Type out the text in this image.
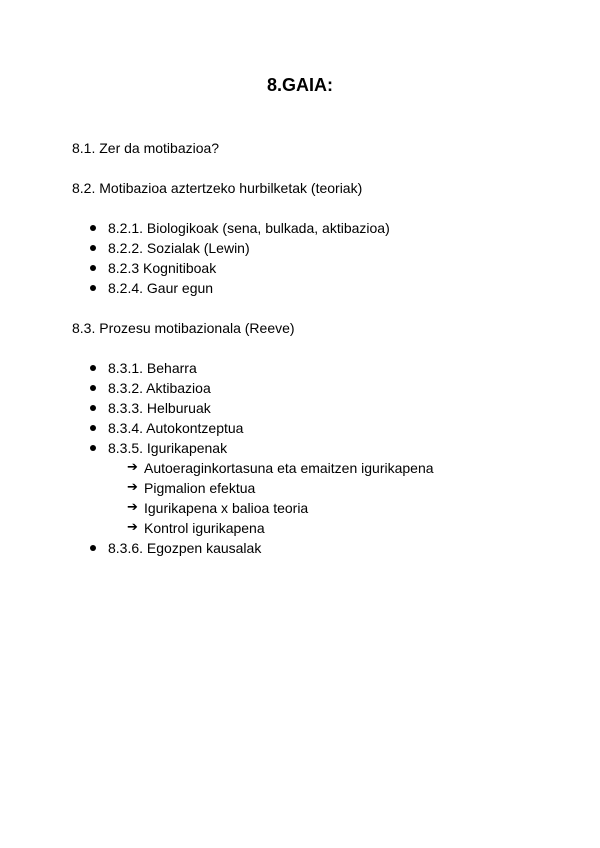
8.GAIA:
8.1. Zer da motibazioa?
8.2. Motibazioa aztertzeko hurbilketak (teoriak)
8.2.1. Biologikoak (sena, bulkada, aktibazioa)
8.2.2. Sozialak (Lewin)
8.2.3 Kognitiboak
8.2.4. Gaur egun
8.3. Prozesu motibazionala (Reeve)
8.3.1. Beharra
8.3.2. Aktibazioa
8.3.3. Helburuak
8.3.4. Autokontzeptua
8.3.5. Igurikapenak
➔ Autoeraginkortasuna eta emaitzen igurikapena
➔ Pigmalion efektua
➔ Igurikapena x balioa teoria
➔ Kontrol igurikapena
8.3.6. Egozpen kausalak
